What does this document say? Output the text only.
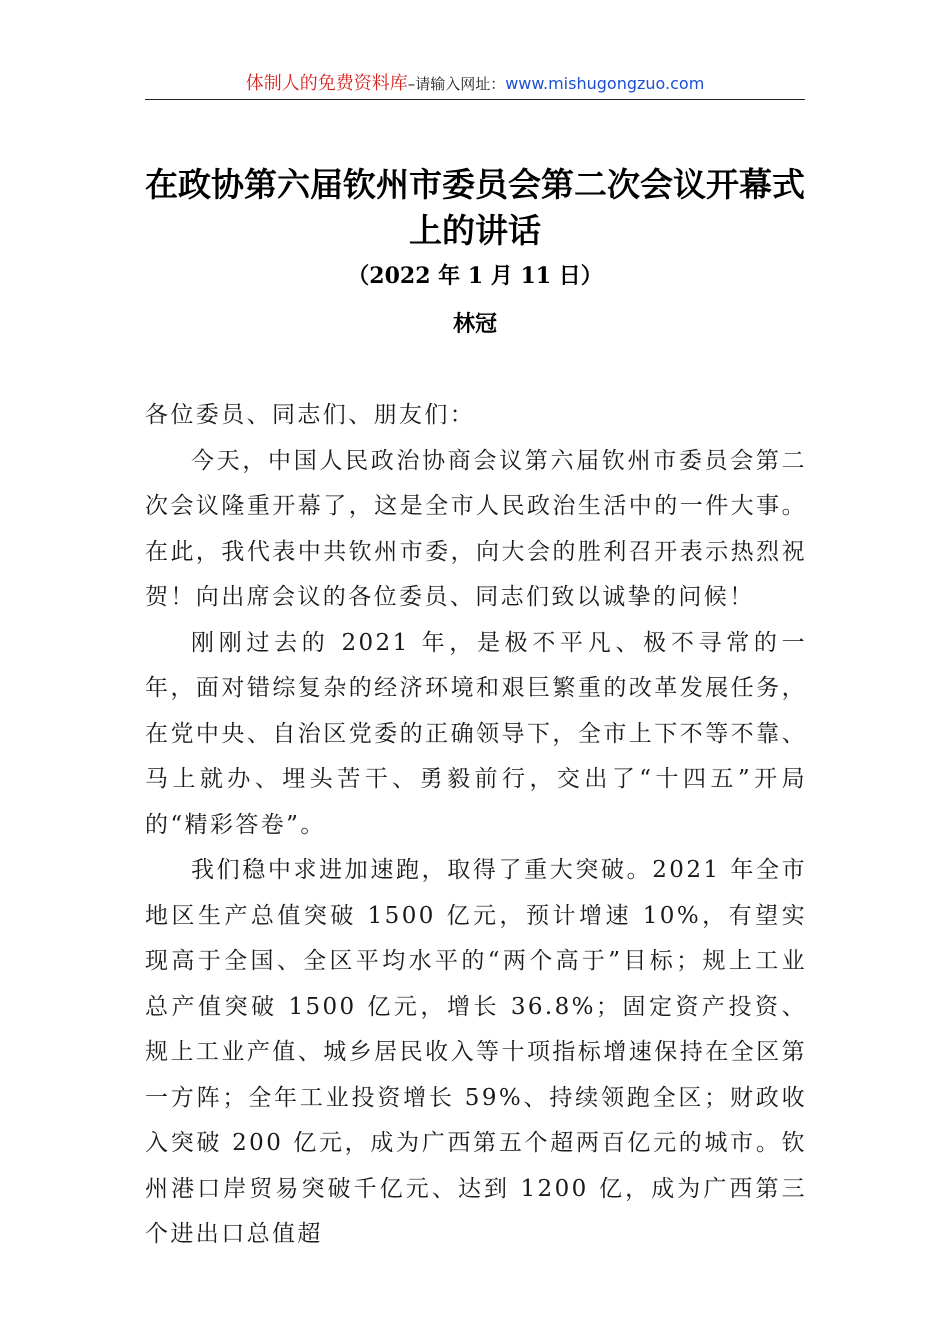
体制人的免费资料库–请输入网址：www.mishugongzuo.com
在政协第六届钦州市委员会第二次会议开幕式上的讲话
（2022 年 1 月 11 日）
林冠

各位委员、同志们、朋友们：

今天，中国人民政治协商会议第六届钦州市委员会第二次会议隆重开幕了，这是全市人民政治生活中的一件大事。在此，我代表中共钦州市委，向大会的胜利召开表示热烈祝贺！向出席会议的各位委员、同志们致以诚挚的问候！

刚刚过去的 2021 年，是极不平凡、极不寻常的一年，面对错综复杂的经济环境和艰巨繁重的改革发展任务，在党中央、自治区党委的正确领导下，全市上下不等不靠、马上就办、埋头苦干、勇毅前行，交出了“十四五”开局的“精彩答卷”。

我们稳中求进加速跑，取得了重大突破。2021 年全市地区生产总值突破 1500 亿元，预计增速 10%，有望实现高于全国、全区平均水平的“两个高于”目标；规上工业总产值突破 1500 亿元，增长 36.8%；固定资产投资、规上工业产值、城乡居民收入等十项指标增速保持在全区第一方阵；全年工业投资增长 59%、持续领跑全区；财政收入突破 200 亿元，成为广西第五个超两百亿元的城市。钦州港口岸贸易突破千亿元、达到 1200 亿，成为广西第三个进出口总值超
